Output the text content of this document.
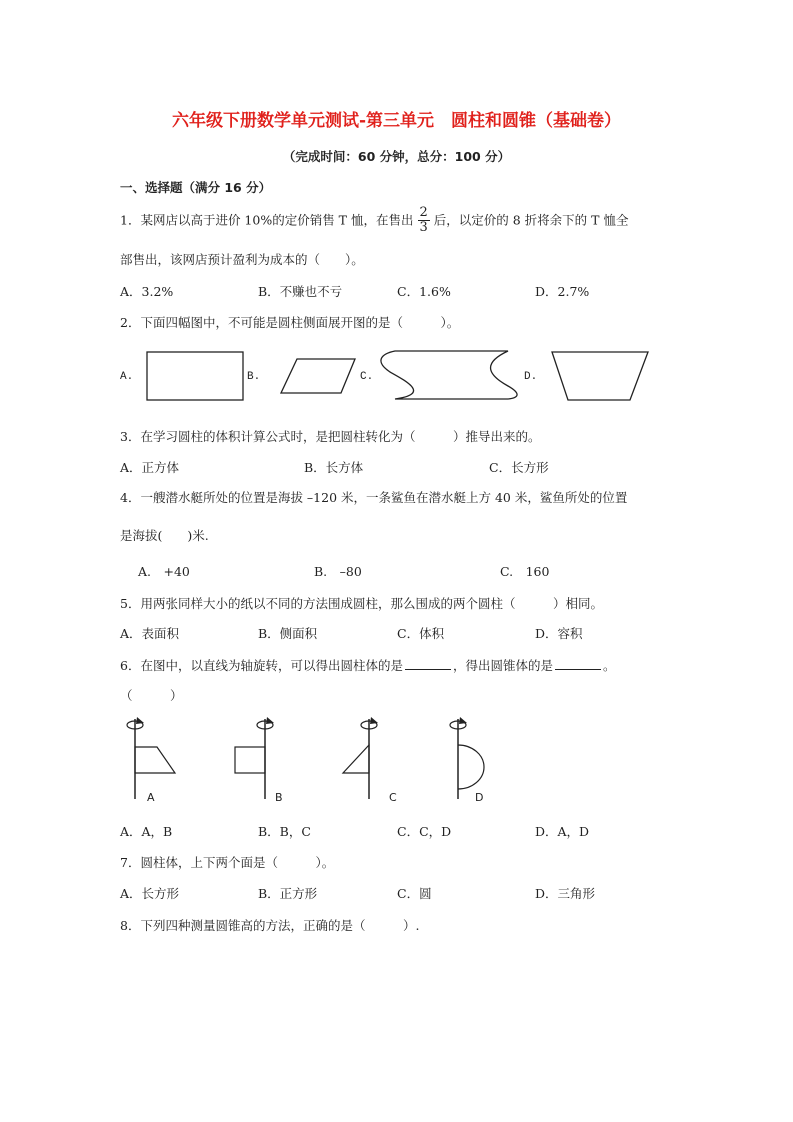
六年级下册数学单元测试-第三单元　圆柱和圆锥（基础卷）
（完成时间：60 分钟，总分：100 分）
一、选择题（满分 16 分）
1．某网店以高于进价 10%的定价销售 T 恤，在售出 $\frac{2}{3}$ 后，以定价的 8 折将余下的 T 恤全
部售出，该网店预计盈利为成本的（　　）。
A．3.2%	B．不赚也不亏	C．1.6%	D．2.7%
2．下面四幅图中，不可能是圆柱侧面展开图的是（　　　）。
A.	B.	C.	D.
3．在学习圆柱的体积计算公式时，是把圆柱转化为（　　　）推导出来的。
A．正方体	B．长方体	C．长方形
4．一艘潜水艇所处的位置是海拔 –120 米，一条鲨鱼在潜水艇上方 40 米，鲨鱼所处的位置
是海拔(　　)米.
A.　+40	B.　–80	C.　160
5．用两张同样大小的纸以不同的方法围成圆柱，那么围成的两个圆柱（　　　）相同。
A．表面积	B．侧面积	C．体积	D．容积
6．在图中，以直线为轴旋转，可以得出圆柱体的是	，得出圆锥体的是	。
（　　　）
A	B	C	D
A．A，B	B．B，C	C．C，D	D．A，D
7．圆柱体，上下两个面是（　　　）。
A．长方形	B．正方形	C．圆	D．三角形
8．下列四种测量圆锥高的方法，正确的是（　　　）.
